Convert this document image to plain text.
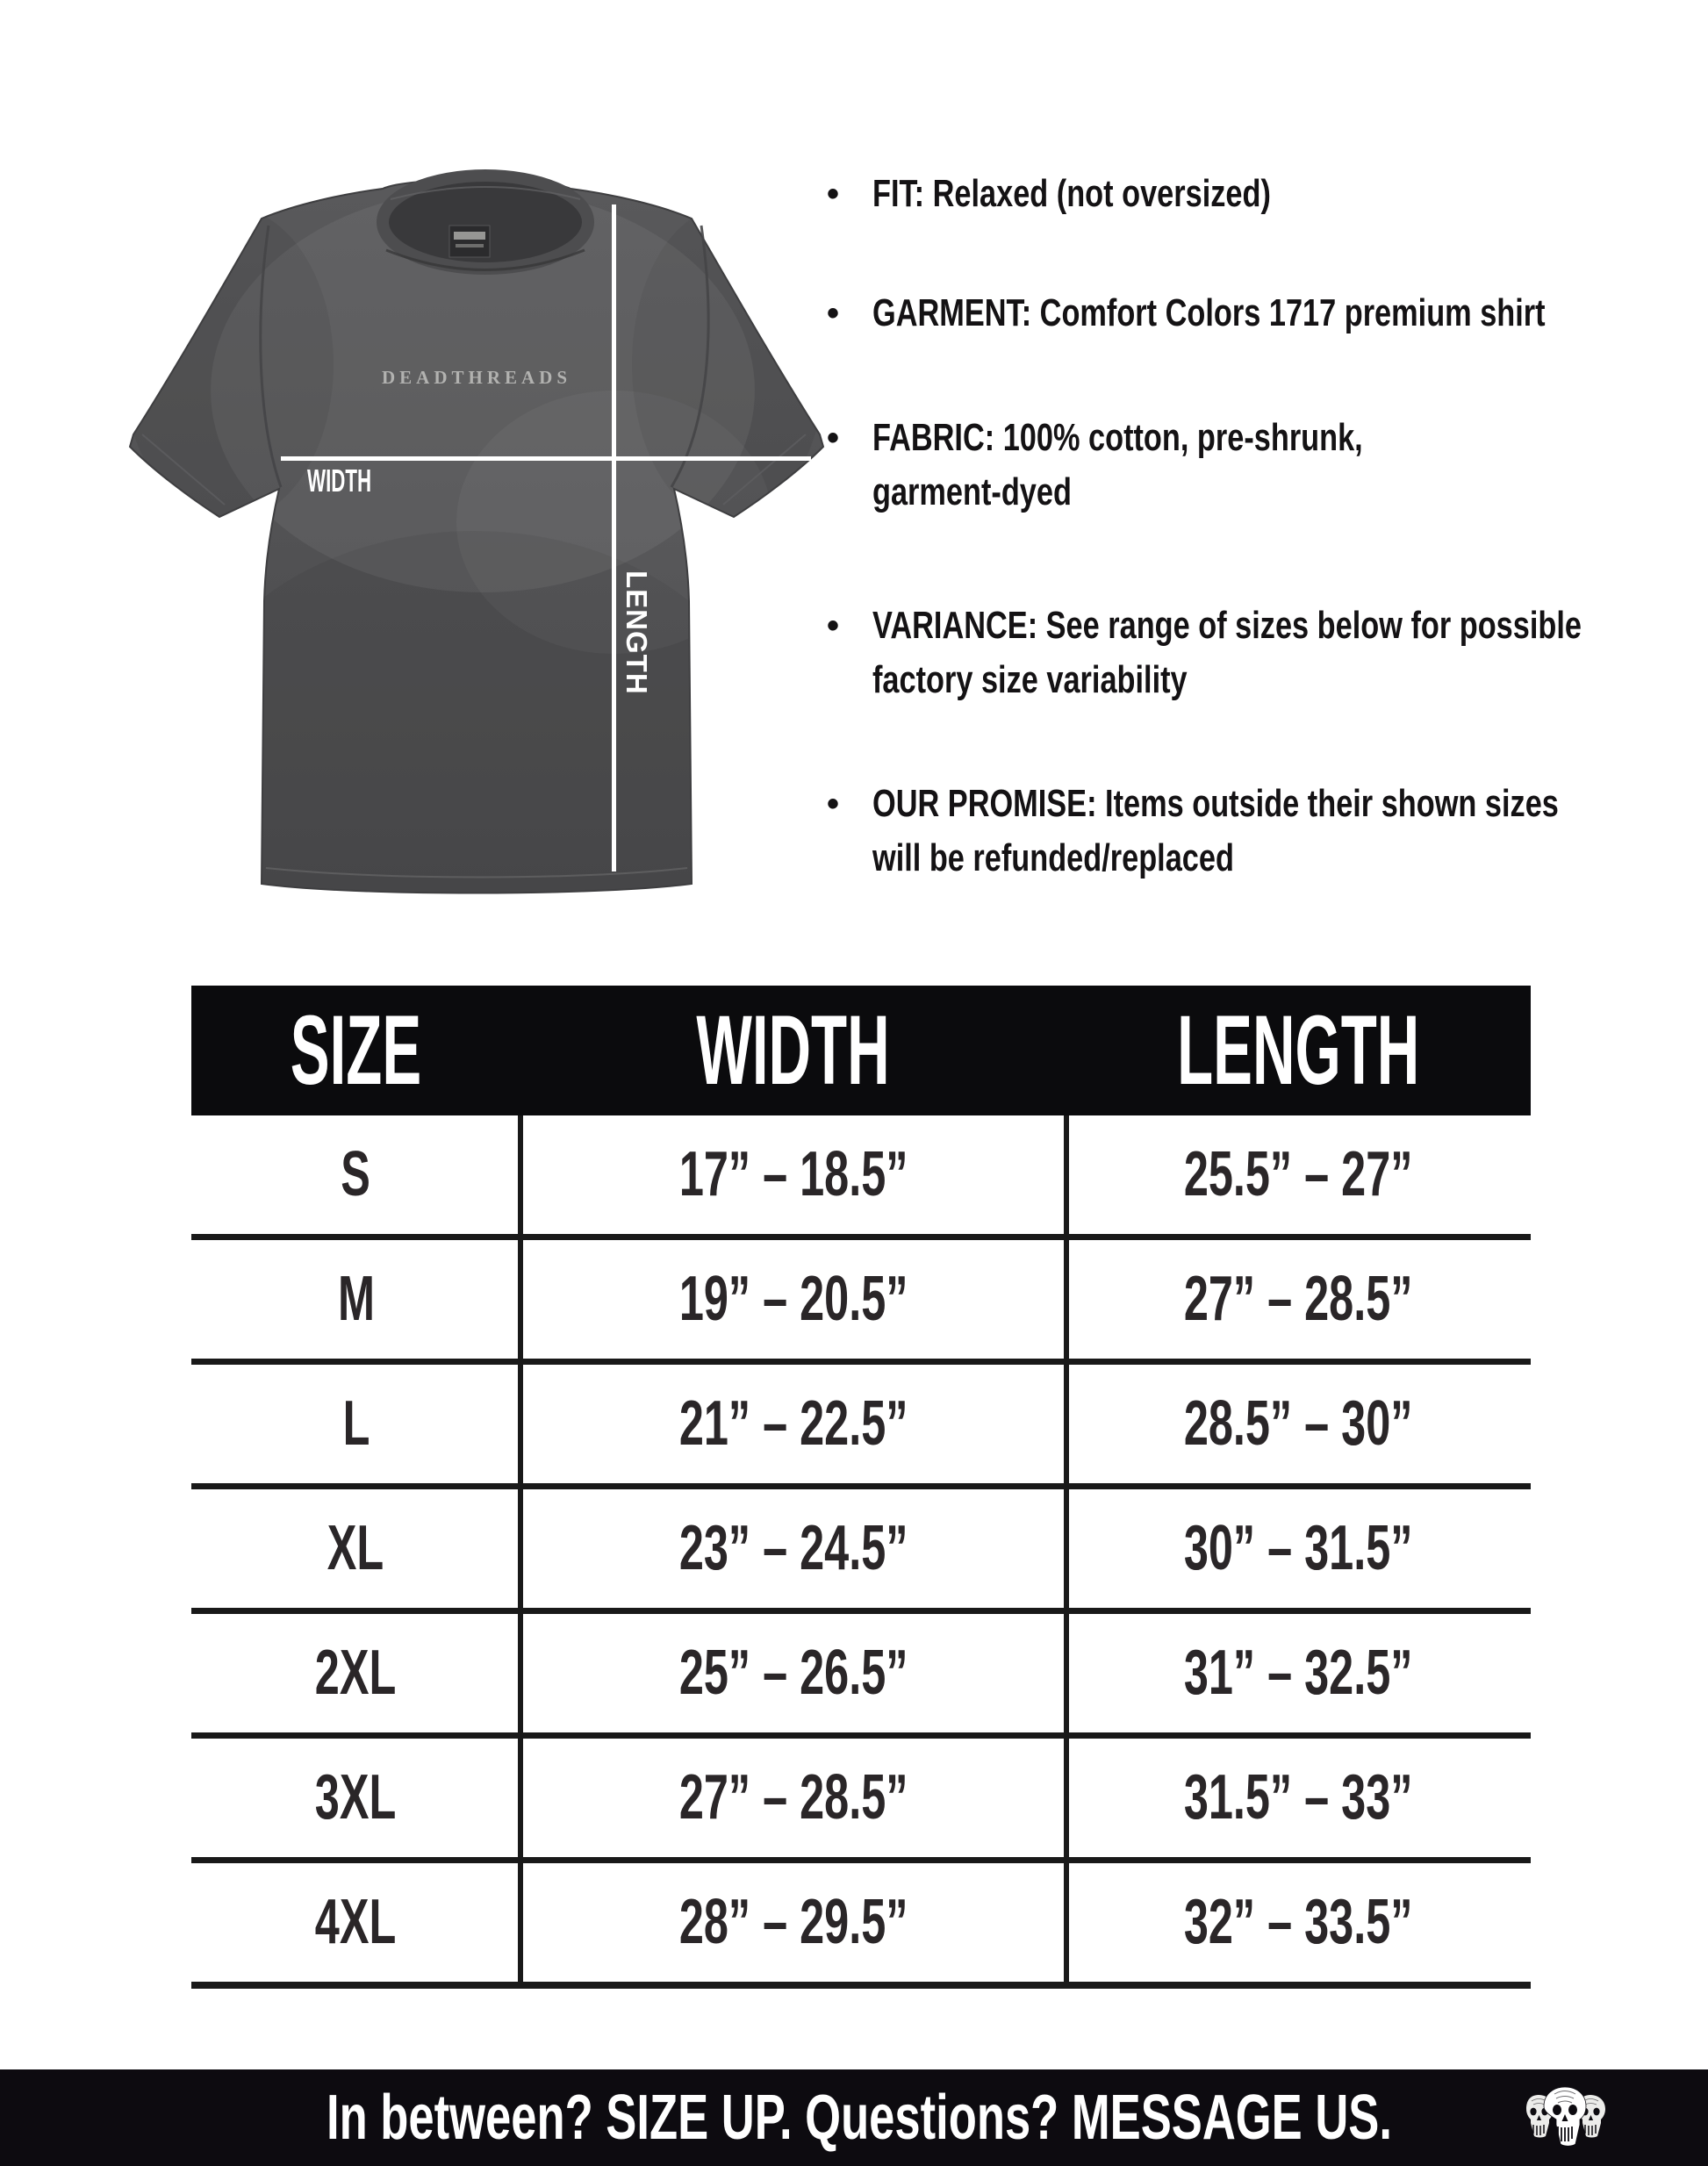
DEADTHREADS
WIDTH
LENGTH
• FIT: Relaxed (not oversized)
• GARMENT: Comfort Colors 1717 premium shirt
• FABRIC: 100% cotton, pre-shrunk,
garment-dyed
• VARIANCE: See range of sizes below for possible
factory size variability
• OUR PROMISE: Items outside their shown sizes
will be refunded/replaced
SIZE	WIDTH	LENGTH
S	17” – 18.5”	25.5” – 27”
M	19” – 20.5”	27” – 28.5”
L	21” – 22.5”	28.5” – 30”
XL	23” – 24.5”	30” – 31.5”
2XL	25” – 26.5”	31” – 32.5”
3XL	27” – 28.5”	31.5” – 33”
4XL	28” – 29.5”	32” – 33.5”
In between? SIZE UP. Questions? MESSAGE US.
